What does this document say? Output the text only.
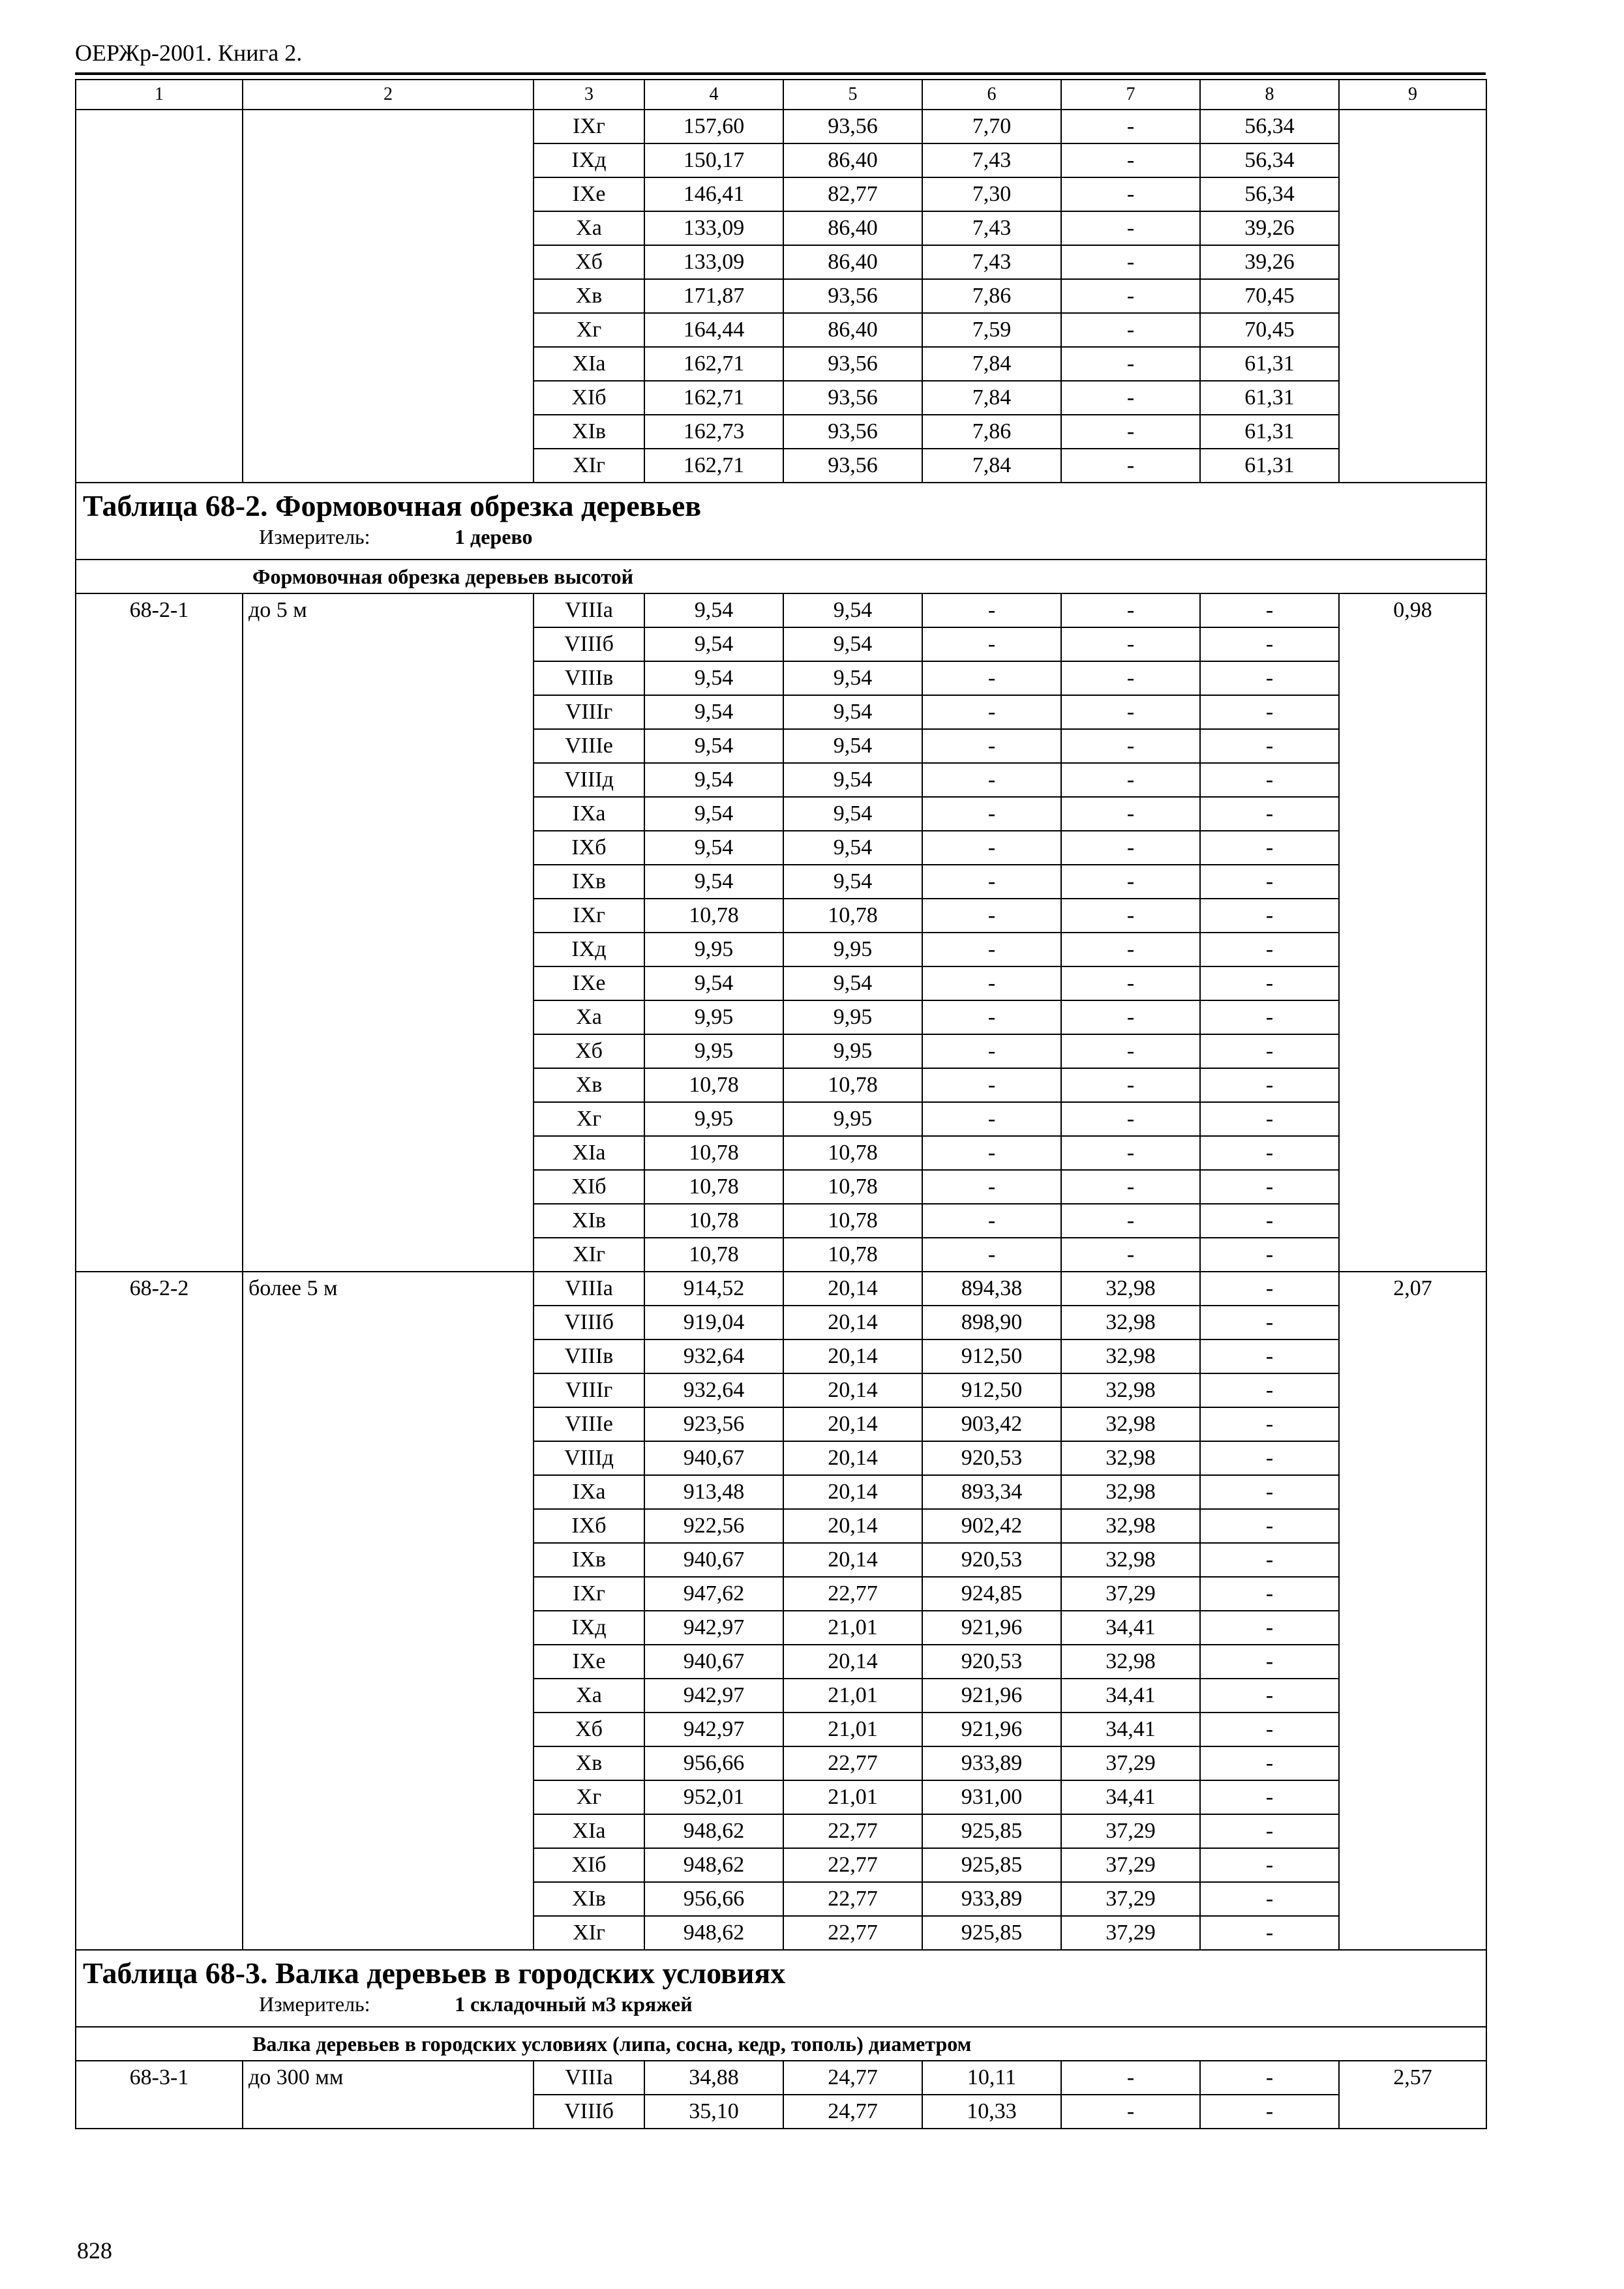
ОЕРЖр-2001. Книга 2.
1	2	3	4	5	6	7	8	9
		IXг	157,60	93,56	7,70	-	56,34	
		IXд	150,17	86,40	7,43	-	56,34	
		IXе	146,41	82,77	7,30	-	56,34	
		Xа	133,09	86,40	7,43	-	39,26	
		Xб	133,09	86,40	7,43	-	39,26	
		Xв	171,87	93,56	7,86	-	70,45	
		Xг	164,44	86,40	7,59	-	70,45	
		XIа	162,71	93,56	7,84	-	61,31	
		XIб	162,71	93,56	7,84	-	61,31	
		XIв	162,73	93,56	7,86	-	61,31	
		XIг	162,71	93,56	7,84	-	61,31	

Таблица 68-2. Формовочная обрезка деревьев
Измеритель: 1 дерево								

Формовочная обрезка деревьев высотой								
68-2-1	до 5 м	VIIIа	9,54	9,54	-	-	-	0,98
		VIIIб	9,54	9,54	-	-	-	
		VIIIв	9,54	9,54	-	-	-	
		VIIIг	9,54	9,54	-	-	-	
		VIIIе	9,54	9,54	-	-	-	
		VIIIд	9,54	9,54	-	-	-	
		IXа	9,54	9,54	-	-	-	
		IXб	9,54	9,54	-	-	-	
		IXв	9,54	9,54	-	-	-	
		IXг	10,78	10,78	-	-	-	
		IXд	9,95	9,95	-	-	-	
		IXе	9,54	9,54	-	-	-	
		Xа	9,95	9,95	-	-	-	
		Xб	9,95	9,95	-	-	-	
		Xв	10,78	10,78	-	-	-	
		Xг	9,95	9,95	-	-	-	
		XIа	10,78	10,78	-	-	-	
		XIб	10,78	10,78	-	-	-	
		XIв	10,78	10,78	-	-	-	
		XIг	10,78	10,78	-	-	-	
68-2-2	более 5 м	VIIIа	914,52	20,14	894,38	32,98	-	2,07
		VIIIб	919,04	20,14	898,90	32,98	-	
		VIIIв	932,64	20,14	912,50	32,98	-	
		VIIIг	932,64	20,14	912,50	32,98	-	
		VIIIе	923,56	20,14	903,42	32,98	-	
		VIIIд	940,67	20,14	920,53	32,98	-	
		IXа	913,48	20,14	893,34	32,98	-	
		IXб	922,56	20,14	902,42	32,98	-	
		IXв	940,67	20,14	920,53	32,98	-	
		IXг	947,62	22,77	924,85	37,29	-	
		IXд	942,97	21,01	921,96	34,41	-	
		IXе	940,67	20,14	920,53	32,98	-	
		Xа	942,97	21,01	921,96	34,41	-	
		Xб	942,97	21,01	921,96	34,41	-	
		Xв	956,66	22,77	933,89	37,29	-	
		Xг	952,01	21,01	931,00	34,41	-	
		XIа	948,62	22,77	925,85	37,29	-	
		XIб	948,62	22,77	925,85	37,29	-	
		XIв	956,66	22,77	933,89	37,29	-	
		XIг	948,62	22,77	925,85	37,29	-	

Таблица 68-3. Валка деревьев в городских условиях
Измеритель: 1 складочный м3 кряжей								

Валка деревьев в городских условиях (липа, сосна, кедр, тополь) диаметром								
68-3-1	до 300 мм	VIIIа	34,88	24,77	10,11	-	-	2,57
		VIIIб	35,10	24,77	10,33	-	-	
828
